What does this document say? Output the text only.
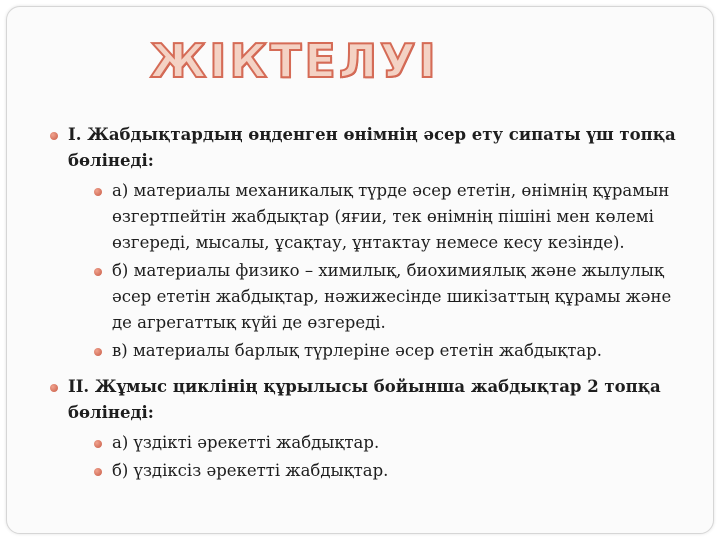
ЖІКТЕЛУІ
I. Жабдықтардың өңденген өнімнің әсер ету сипаты үш топқа бөлінеді:
а) материалы механикалық түрде әсер ететін, өнімнің құрамын өзгертпейтін жабдықтар (яғии, тек өнімнің пішіні мен көлемі өзгереді, мысалы, ұсақтау, ұнтактау немесе кесу кезінде).
б) материалы физико – химилық, биохимиялық және жылулық әсер ететін жабдықтар, нәжижесінде шикізаттың құрамы және де агрегаттық күйі де өзгереді.
в) материалы барлық түрлеріне әсер ететін жабдықтар.
II. Жұмыс циклінің құрылысы бойынша жабдықтар 2 топқа бөлінеді:
а) үздікті әрекетті жабдықтар.
б) үздіксіз әрекетті жабдықтар.
